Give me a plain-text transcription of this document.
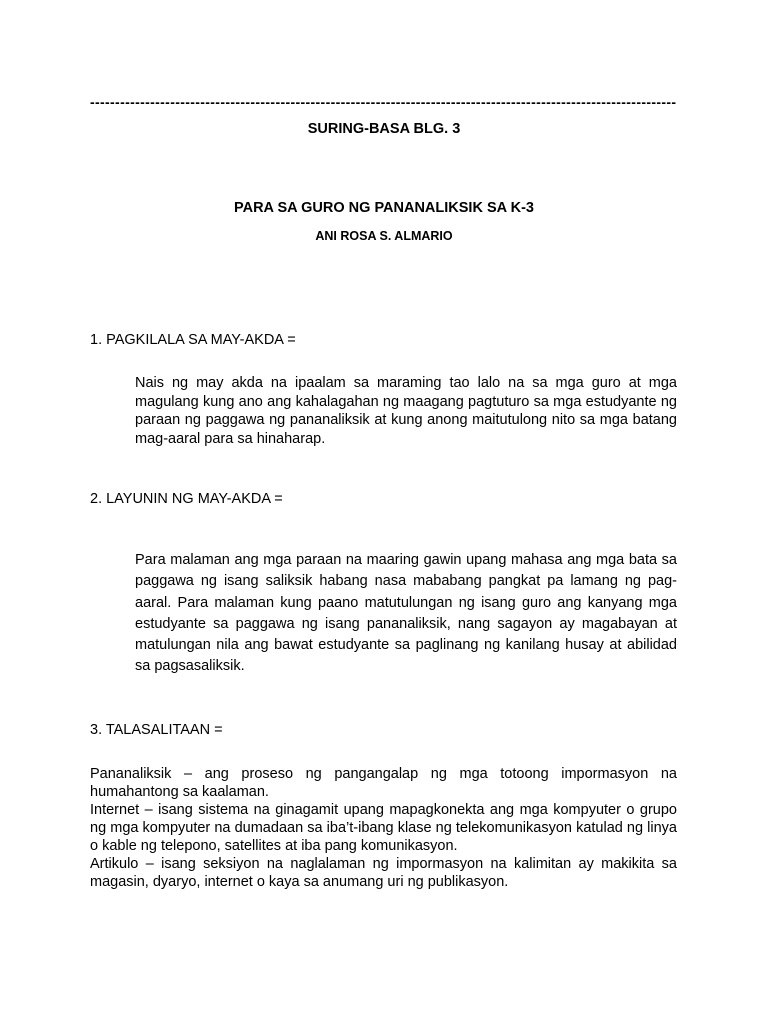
---------------------------------------------------------------------------------------------------------------------
SURING-BASA BLG. 3
PARA SA GURO NG PANANALIKSIK SA K-3
ANI ROSA S. ALMARIO
1. PAGKILALA SA MAY-AKDA =

Nais ng may akda na ipaalam sa maraming tao lalo na sa mga guro at mga magulang kung ano ang kahalagahan ng maagang pagtuturo sa mga estudyante ng paraan ng paggawa ng pananaliksik at kung anong maitutulong nito sa mga batang mag-aaral para sa hinaharap.

2. LAYUNIN NG MAY-AKDA =

Para malaman ang mga paraan na maaring gawin upang mahasa ang mga bata sa paggawa ng isang saliksik habang nasa mababang pangkat pa lamang ng pag-aaral. Para malaman kung paano matutulungan ng isang guro ang kanyang mga estudyante sa paggawa ng isang pananaliksik, nang sagayon ay magabayan at matulungan nila ang bawat estudyante sa paglinang ng kanilang husay at abilidad sa pagsasaliksik.

3. TALASALITAAN =

Pananaliksik – ang proseso ng pangangalap ng mga totoong impormasyon na humahantong sa kaalaman.

Internet – isang sistema na ginagamit upang mapagkonekta ang mga kompyuter o grupo ng mga kompyuter na dumadaan sa iba’t-ibang klase ng telekomunikasyon katulad ng linya o kable ng telepono, satellites at iba pang komunikasyon.

Artikulo – isang seksiyon na naglalaman ng impormasyon na kalimitan ay makikita sa magasin, dyaryo, internet o kaya sa anumang uri ng publikasyon.
